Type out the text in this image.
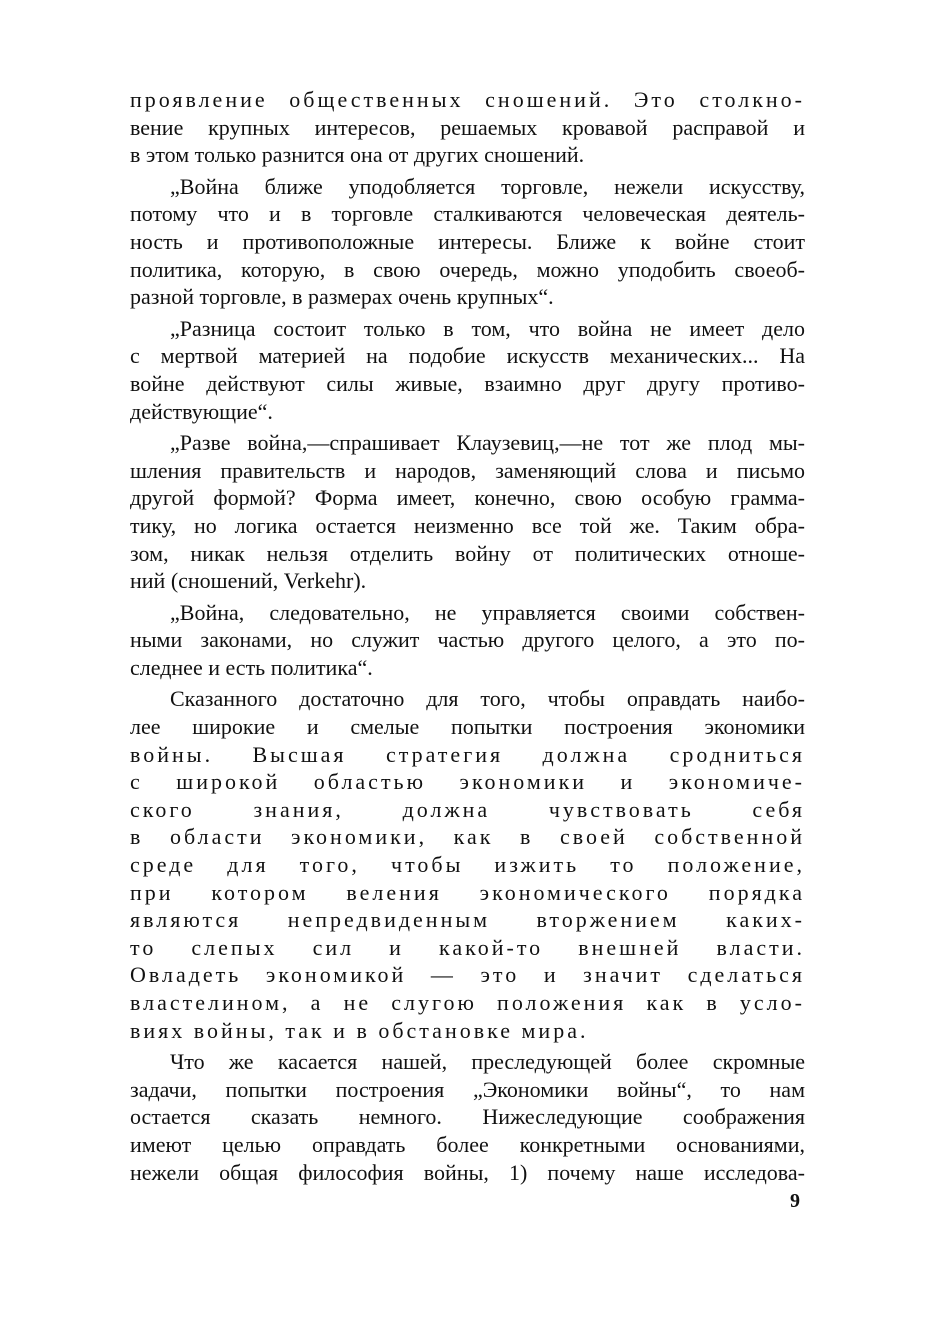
проявление общественных сношений. Это столкно-
вение крупных интересов, решаемых кровавой расправой и
в этом только разнится она от других сношений.
„Война ближе уподобляется торговле, нежели искусству,
потому что и в торговле сталкиваются человеческая деятель-
ность и противоположные интересы. Ближе к войне стоит
политика, которую, в свою очередь, можно уподобить своеоб-
разной торговле, в размерах очень крупных“.
„Разница состоит только в том, что война не имеет дело
с мертвой материей на подобие искусств механических... На
войне действуют силы живые, взаимно друг другу противо-
действующие“.
„Разве война,—спрашивает Клаузевиц,—не тот же плод мы-
шления правительств и народов, заменяющий слова и письмо
другой формой? Форма имеет, конечно, свою особую грамма-
тику, но логика остается неизменно все той же. Таким обра-
зом, никак нельзя отделить войну от политических отноше-
ний (сношений, Verkehr).
„Война, следовательно, не управляется своими собствен-
ными законами, но служит частью другого целого, а это по-
следнее и есть политика“.
Сказанного достаточно для того, чтобы оправдать наибо-
лее широкие и смелые попытки построения экономики
войны. Высшая стратегия должна сродниться
с широкой областью экономики и экономиче-
ского знания, должна чувствовать себя
в области экономики, как в своей собственной
среде для того, чтобы изжить то положение,
при котором веления экономического порядка
являются непредвиденным вторжением каких-
то слепых сил и какой-то внешней власти.
Овладеть экономикой — это и значит сделаться
властелином, а не слугою положения как в усло-
виях войны, так и в обстановке мира.
Что же касается нашей, преследующей более скромные
задачи, попытки построения „Экономики войны“, то нам
остается сказать немного. Нижеследующие соображения
имеют целью оправдать более конкретными основаниями,
нежели общая философия войны, 1) почему наше исследова-
9
